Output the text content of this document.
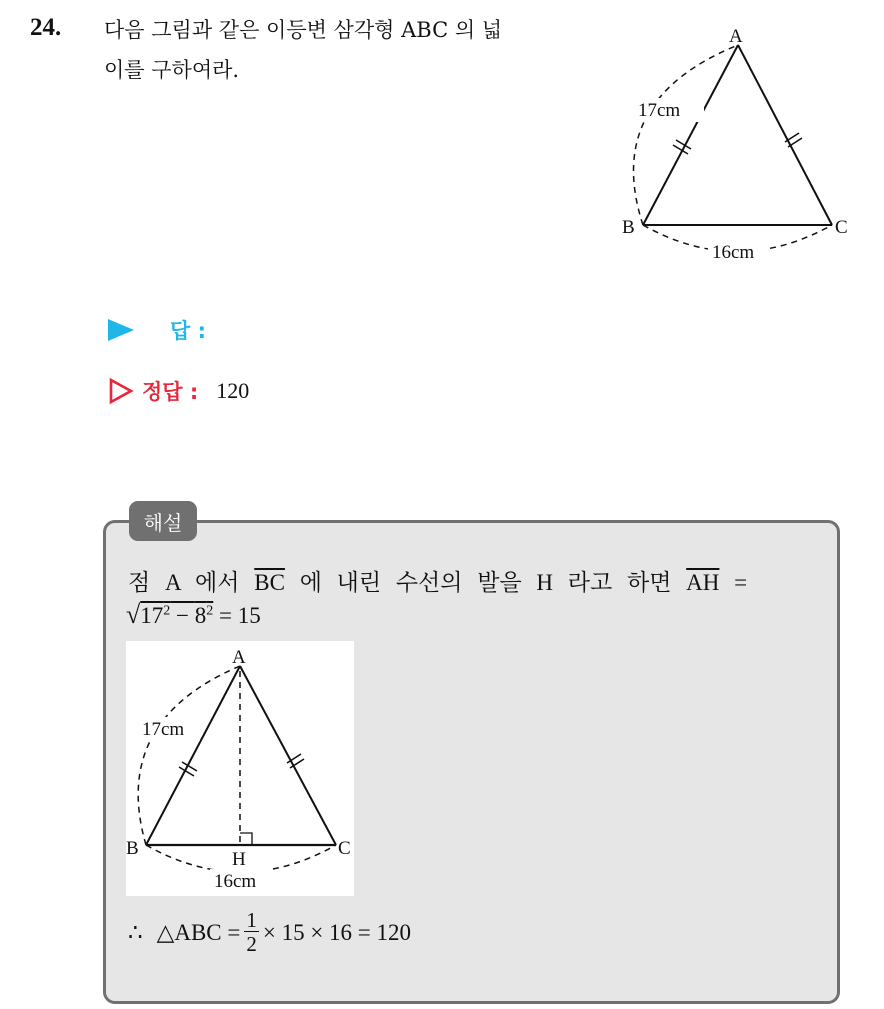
24. 다음 그림과 같은 이등변 삼각형 ABC 의 넓
이를 구하여라.
A
B	C
17cm
16cm
답 :
정답 : 120
해설
점 A 에서 $\overline{BC}$ 에 내린 수선의 발을 H 라고 하면 $\overline{AH}$ =
$√17^2 - 8^2 = 15$
A
B	C
H
17cm
16cm
∴ △ABC = $\frac{1}{2} \times 15 \times 16 = 120$
